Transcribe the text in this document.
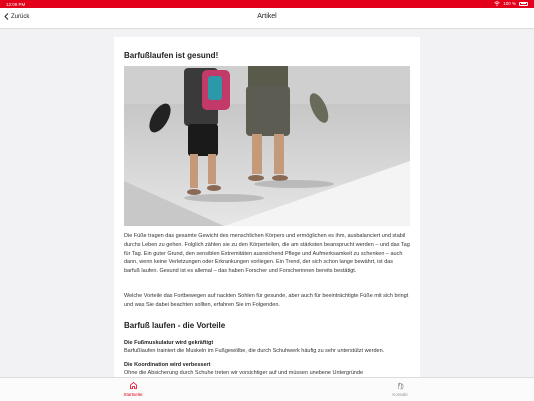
12:09 PM	100 %
Zurück	Artikel
Barfußlaufen ist gesund!
Die Füße tragen das gesamte Gewicht des menschlichen Körpers und ermöglichen es ihm, ausbalanciert und stabil durchs Leben zu gehen. Folglich zählen sie zu den Körperteilen, die am stärksten beansprucht werden – und das Tag für Tag. Ein guter Grund, den sensiblen Extremitäten ausreichend Pflege und Aufmerksamkeit zu schenken – auch dann, wenn keine Verletzungen oder Erkrankungen vorliegen. Ein Trend, der sich schon lange bewährt, ist das barfuß laufen. Gesund ist es allemal – das haben Forscher und Forscherinnen bereits bestätigt.
Welche Vorteile das Fortbewegen auf nackten Sohlen für gesunde, aber auch für beeinträchtigte Füße mit sich bringt und was Sie dabei beachten sollten, erfahren Sie im Folgenden.
Barfuß laufen - die Vorteile
Die Fußmuskulatur wird gekräftigt
Barfußlaufen trainiert die Muskeln im Fußgewölbe, die durch Schuhwerk häufig zu sehr unterstützt werden.
Die Koordination wird verbessert
Ohne die Absicherung durch Schuhe treten wir vorsichtiger auf und müssen unebene Untergründe
Startseite	Kontakt
